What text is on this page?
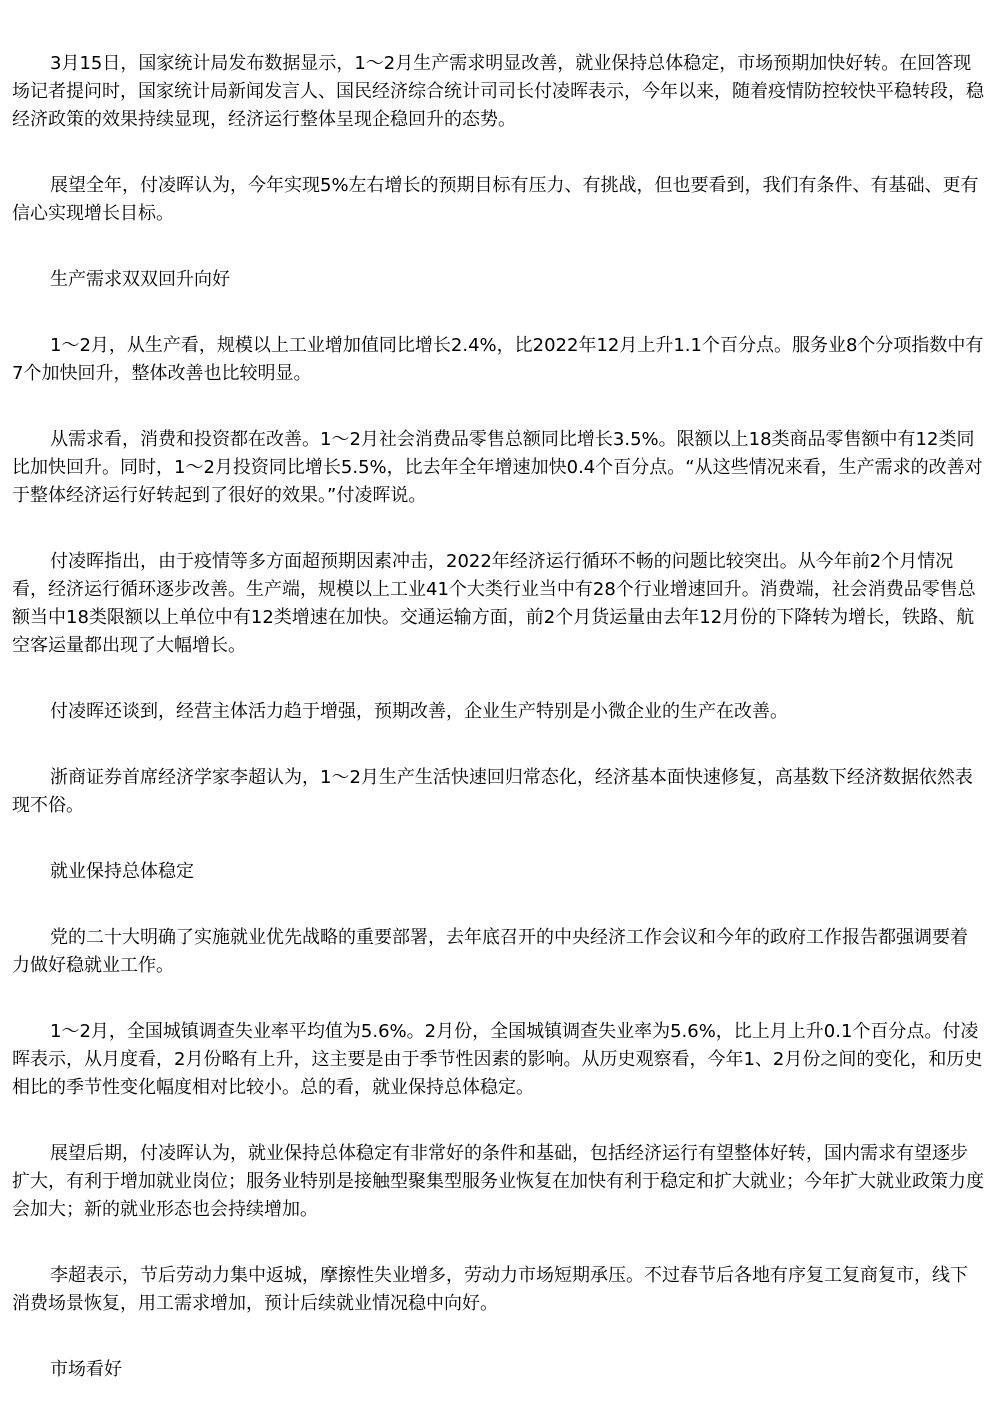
3月15日，国家统计局发布数据显示，1～2月生产需求明显改善，就业保持总体稳定，市场预期加快好转。在回答现场记者提问时，国家统计局新闻发言人、国民经济综合统计司司长付凌晖表示，今年以来，随着疫情防控较快平稳转段，稳经济政策的效果持续显现，经济运行整体呈现企稳回升的态势。

展望全年，付凌晖认为，今年实现5%左右增长的预期目标有压力、有挑战，但也要看到，我们有条件、有基础、更有信心实现增长目标。

生产需求双双回升向好

1～2月，从生产看，规模以上工业增加值同比增长2.4%，比2022年12月上升1.1个百分点。服务业8个分项指数中有7个加快回升，整体改善也比较明显。

从需求看，消费和投资都在改善。1～2月社会消费品零售总额同比增长3.5%。限额以上18类商品零售额中有12类同比加快回升。同时，1～2月投资同比增长5.5%，比去年全年增速加快0.4个百分点。“从这些情况来看，生产需求的改善对于整体经济运行好转起到了很好的效果。”付凌晖说。

付凌晖指出，由于疫情等多方面超预期因素冲击，2022年经济运行循环不畅的问题比较突出。从今年前2个月情况看，经济运行循环逐步改善。生产端，规模以上工业41个大类行业当中有28个行业增速回升。消费端，社会消费品零售总额当中18类限额以上单位中有12类增速在加快。交通运输方面，前2个月货运量由去年12月份的下降转为增长，铁路、航空客运量都出现了大幅增长。

付凌晖还谈到，经营主体活力趋于增强，预期改善，企业生产特别是小微企业的生产在改善。

浙商证券首席经济学家李超认为，1～2月生产生活快速回归常态化，经济基本面快速修复，高基数下经济数据依然表现不俗。

就业保持总体稳定

党的二十大明确了实施就业优先战略的重要部署，去年底召开的中央经济工作会议和今年的政府工作报告都强调要着力做好稳就业工作。

1～2月，全国城镇调查失业率平均值为5.6%。2月份，全国城镇调查失业率为5.6%，比上月上升0.1个百分点。付凌晖表示，从月度看，2月份略有上升，这主要是由于季节性因素的影响。从历史观察看，今年1、2月份之间的变化，和历史相比的季节性变化幅度相对比较小。总的看，就业保持总体稳定。

展望后期，付凌晖认为，就业保持总体稳定有非常好的条件和基础，包括经济运行有望整体好转，国内需求有望逐步扩大，有利于增加就业岗位；服务业特别是接触型聚集型服务业恢复在加快有利于稳定和扩大就业；今年扩大就业政策力度会加大；新的就业形态也会持续增加。

李超表示，节后劳动力集中返城，摩擦性失业增多，劳动力市场短期承压。不过春节后各地有序复工复商复市，线下消费场景恢复，用工需求增加，预计后续就业情况稳中向好。

市场看好
